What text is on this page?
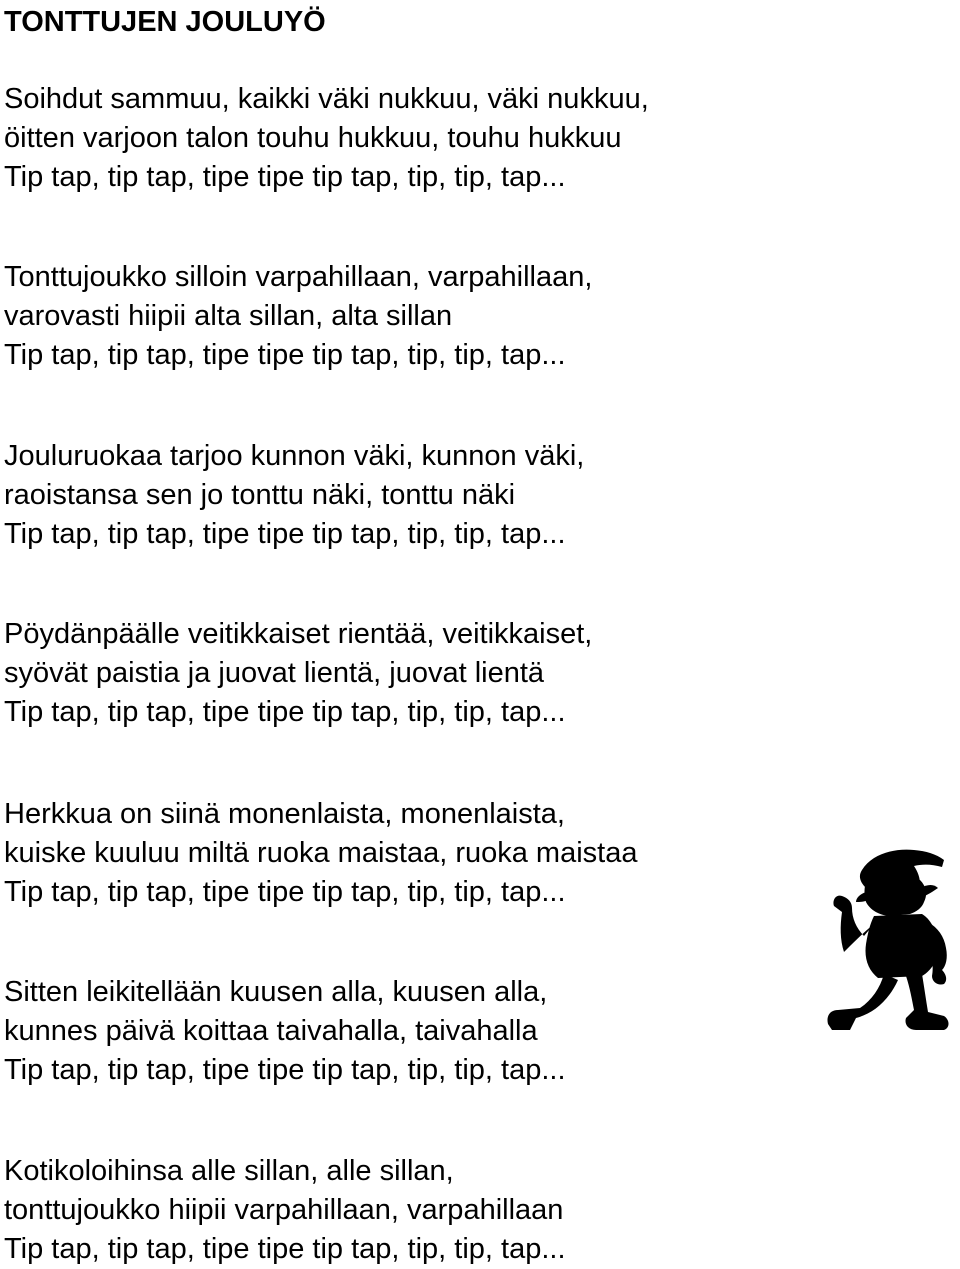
TONTTUJEN JOULUYÖ
Soihdut sammuu, kaikki väki nukkuu, väki nukkuu,
öitten varjoon talon touhu hukkuu, touhu hukkuu
Tip tap, tip tap, tipe tipe tip tap, tip, tip, tap...
Tonttujoukko silloin varpahillaan, varpahillaan,
varovasti hiipii alta sillan, alta sillan
Tip tap, tip tap, tipe tipe tip tap, tip, tip, tap...
Jouluruokaa tarjoo kunnon väki, kunnon väki,
raoistansa sen jo tonttu näki, tonttu näki
Tip tap, tip tap, tipe tipe tip tap, tip, tip, tap...
Pöydänpäälle veitikkaiset rientää, veitikkaiset,
syövät paistia ja juovat lientä, juovat lientä
Tip tap, tip tap, tipe tipe tip tap, tip, tip, tap...
Herkkua on siinä monenlaista, monenlaista,
kuiske kuuluu miltä ruoka maistaa, ruoka maistaa
Tip tap, tip tap, tipe tipe tip tap, tip, tip, tap...
Sitten leikitellään kuusen alla, kuusen alla,
kunnes päivä koittaa taivahalla, taivahalla
Tip tap, tip tap, tipe tipe tip tap, tip, tip, tap...
Kotikoloihinsa alle sillan, alle sillan,
tonttujoukko hiipii varpahillaan, varpahillaan
Tip tap, tip tap, tipe tipe tip tap, tip, tip, tap...
